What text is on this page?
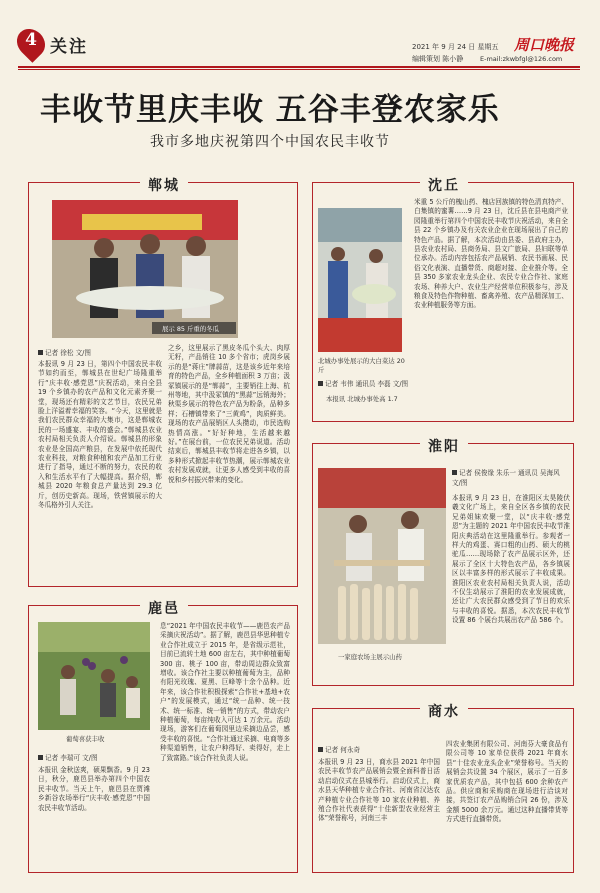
4 关注	2021 年 9 月 24 日 星期五
编辑策划 陈小静
周口晚报
E-mail:zkwbfgl@126.com
丰收节里庆丰收 五谷丰登农家乐
我市多地庆祝第四个中国农民丰收节
郸城
展示 85 斤重的冬瓜
记者 徐松 文/图
本报讯 9 月 23 日，第四个中国农民丰收节如约而至，郸城县在世纪广场隆重举行“庆丰收·感党恩”庆祝活动，来自全县 19 个乡镇办的农产品和文化元素齐聚一堂，现场还有精彩的文艺节目，农民兄弟脸上洋溢着幸福的笑容。“今天，这里就是我们农民群众幸福的大集市，这是郸城农民的一场盛宴、丰收的盛会。”郸城县农业农村局相关负责人介绍说。郸城县的形象农业是全国高产粮县，在发展中依托现代农业科技，对粮食种植和农产品加工行业进行了指导，通过不断的努力，农民的收入和生活水平有了大幅提高。据介绍，郸城县 2020 年粮食总产量达到 29.3 亿斤，创历史新高。现场，铁营镇展示的大冬瓜格外引人关注。
之乡，这里展示了黑皮冬瓜个头大、肉厚无籽，产品销往 10 多个省市；虎岗乡展示的是“蒋庄”牌蒜苗，这是该乡近年来培育的特色产品，全乡种植面积 3 万亩；汲冢镇展示的是“郸蒜”，主要销往上海、杭州等地，其中汲冢镇的“黑蒜”远销海外；秋渠乡展示的特色农产品为粉条，品种多样；石槽镇带来了“三黄鸡”，肉质鲜美。现场的农产品展销区人头攒动，市民选购热情高涨。“好好种地，生活越来越好。”在展台前，一位农民兄弟说道。活动结束后，郸城县丰收节将走进各乡镇，以多种形式掀起丰收节热潮，展示郸城农业农村发展成就，让更多人感受到丰收的喜悦和乡村振兴带来的变化。
沈丘
北城办事处展示的大白菜达 20 斤
记者 韦伟 通讯员 李磊 文/图
本报讯 北城办事处高 1.7
米重 5 公斤的槐山药、槐店回族镇的特色清真特产、白集镇的蜜薯……9 月 23 日，沈丘县在县电商产业园隆重举行第四个中国农民丰收节庆祝活动，来自全县 22 个乡镇办及有关农业企业在现场展出了自己的特色产品。据了解，本次活动由县委、县政府主办，县农业农村局、县商务局、县文广旅局、县妇联等单位承办。活动内容包括农产品展销、农民书画展、民俗文化表演、直播带货、商超对接、企业推介等。全县 350 多家农业龙头企业、农民专业合作社、家庭农场、种养大户、农业生产经营单位积极参与，涉及粮食及特色作物种植、畜禽养殖、农产品精深加工、农业种植服务等方面。
淮阳
一家庭农场主展示山药
记者 侯俊缘 朱乐一 通讯员 吴海风 文/图
本报讯 9 月 23 日，在淮阳区太昊陵伏羲文化广场上，来自全区各乡镇的农民兄弟姐妹欢聚一堂，以“庆丰收·感党恩”为主题的 2021 年中国农民丰收节淮阳庆典活动在这里隆重举行。参观者一样大的鸡蛋、赛口粗的山药、硕大的桃驼瓜……现场除了农产品展示区外，还展示了全区十大特色农产品，各乡镇展区以丰富多样的形式展示了丰收成果。淮阳区农业农村局相关负责人说，活动不仅生动展示了淮阳的农业发展成就，还让广大农民群众感受到了节日的欢乐与丰收的喜悦。据悉，本次农民丰收节设置 86 个展台共展出农产品 586 个。
鹿邑
葡萄喜获丰收
记者 李瑞可 文/图
本报讯 金秋送爽，硕果飘香。9 月 23 日，秋分，鹿邑县举办第四个中国农民丰收节。当天上午，鹿邑县在贾滩乡新谷农场举行“庆丰收·感党恩”中国农民丰收节活动。
息“2021 年中国农民丰收节——鹿邑农产品采摘庆祝活动”。据了解，鹿邑县华思种植专业合作社成立于 2015 年，是省级示范社，目前已流转土地 600 亩左右，其中种植葡萄 300 亩、桃子 100 亩，带动周边群众致富增收。该合作社主要以种植葡萄为主，品种有阳光玫瑰、夏黑、巨峰等十余个品种。近年来，该合作社积极探索“合作社+基地+农户”的发展模式，通过“统一品种、统一技术、统一标准、统一销售”的方式，带动农户种植葡萄，每亩纯收入可达 1 万余元。活动现场，游客们在葡萄园里边采摘边品尝，感受丰收的喜悦。“合作社通过采摘、电商等多种渠道销售，让农户种得好、卖得好，走上了致富路。”该合作社负责人说。
商水
记者 何永奇
本报讯 9 月 23 日，商水县 2021 年中国农民丰收节农产品展销会暨全面科普日活动启动仪式在县城举行。启动仪式上，商水县天华种植专业合作社、河南省汉达农产种植专业合作社等 10 家农业种植、养殖合作社代表获得“十佳新型农业经营主体”荣誉称号，河南三丰
四农业集团有限公司、河南芬大豪食品有限公司等 10 家单位获得 2021 年商水县“十佳农业龙头企业”荣誉称号。当天的展销会共设置 34 个展区，展示了一百多家优质农产品，其中包括 600 余种农产品。供应商和采购商在现场进行洽谈对接，共签订农产品购销合同 26 份，涉及金额 5000 余万元。通过这种直播带货等方式进行直播带货。
